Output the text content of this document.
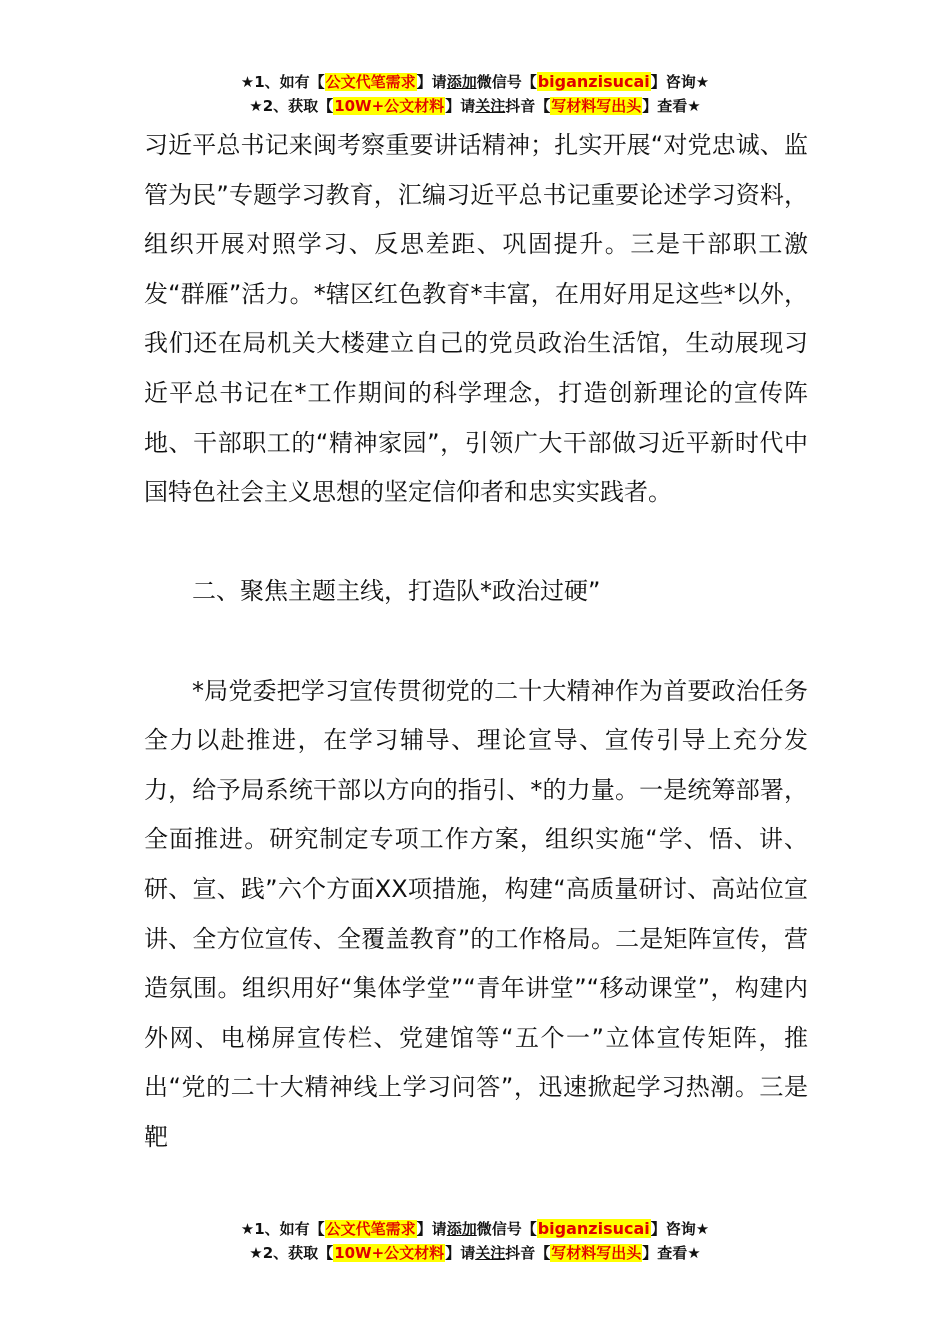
★1、如有【公文代笔需求】请添加微信号【biganzisucai】咨询★
★2、获取【10W+公文材料】请关注抖音【写材料写出头】查看★

习近平总书记来闽考察重要讲话精神；扎实开展“对党忠诚、监管为民”专题学习教育，汇编习近平总书记重要论述学习资料，组织开展对照学习、反思差距、巩固提升。三是干部职工激发“群雁”活力。*辖区红色教育*丰富，在用好用足这些*以外，我们还在局机关大楼建立自己的党员政治生活馆，生动展现习近平总书记在*工作期间的科学理念，打造创新理论的宣传阵地、干部职工的“精神家园”，引领广大干部做习近平新时代中国特色社会主义思想的坚定信仰者和忠实实践者。

二、聚焦主题主线，打造队*政治过硬”

*局党委把学习宣传贯彻党的二十大精神作为首要政治任务全力以赴推进，在学习辅导、理论宣导、宣传引导上充分发力，给予局系统干部以方向的指引、*的力量。一是统筹部署，全面推进。研究制定专项工作方案，组织实施“学、悟、讲、研、宣、践”六个方面XX项措施，构建“高质量研讨、高站位宣讲、全方位宣传、全覆盖教育”的工作格局。二是矩阵宣传，营造氛围。组织用好“集体学堂”“青年讲堂”“移动课堂”，构建内外网、电梯屏宣传栏、党建馆等“五个一”立体宣传矩阵，推出“党的二十大精神线上学习问答”，迅速掀起学习热潮。三是靶

★1、如有【公文代笔需求】请添加微信号【biganzisucai】咨询★
★2、获取【10W+公文材料】请关注抖音【写材料写出头】查看★
